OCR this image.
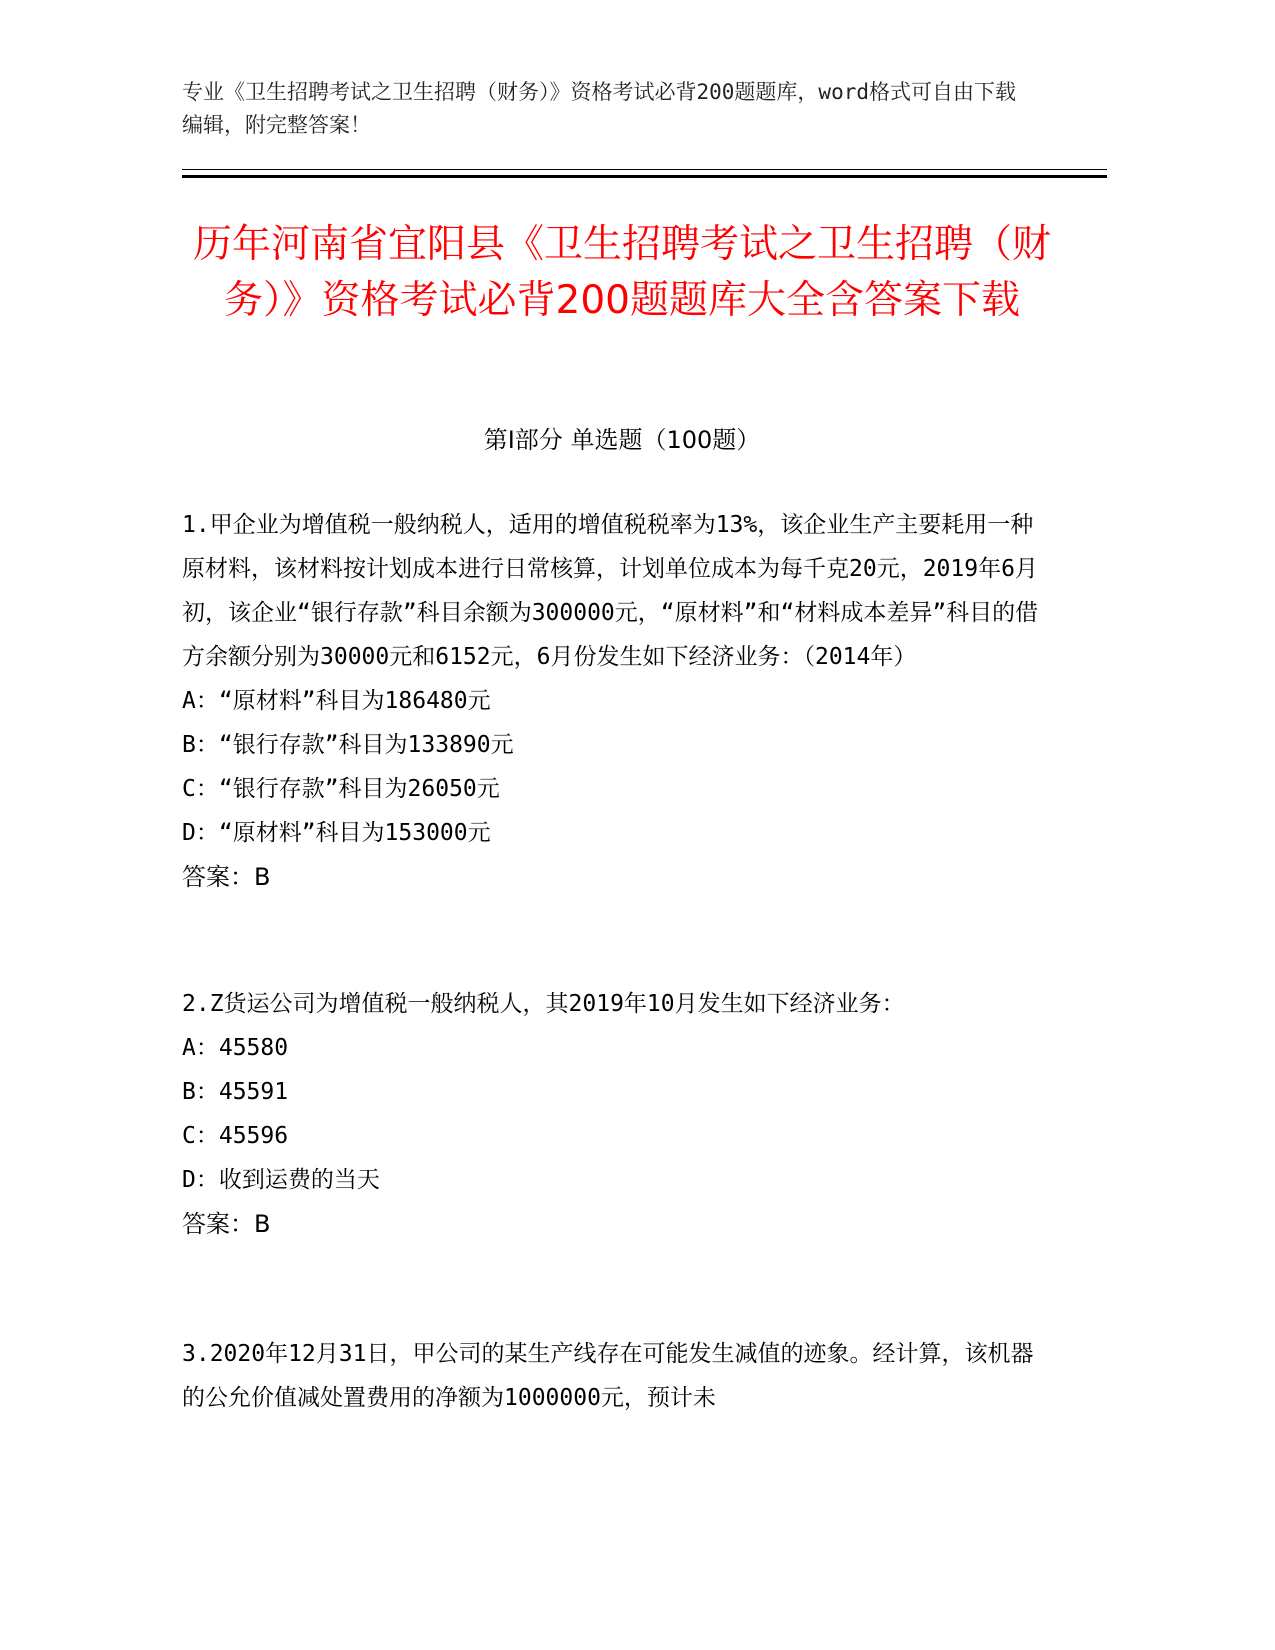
专业《卫生招聘考试之卫生招聘（财务）》资格考试必背200题题库，word格式可自由下载编辑，附完整答案！
历年河南省宜阳县《卫生招聘考试之卫生招聘（财务）》资格考试必背200题题库大全含答案下载
第I部分 单选题（100题）

1.甲企业为增值税一般纳税人，适用的增值税税率为13%，该企业生产主要耗用一种原材料，该材料按计划成本进行日常核算，计划单位成本为每千克20元，2019年6月初，该企业“银行存款”科目余额为300000元，“原材料”和“材料成本差异”科目的借方余额分别为30000元和6152元，6月份发生如下经济业务：（2014年）

A：“原材料”科目为186480元

B：“银行存款”科目为133890元

C：“银行存款”科目为26050元

D：“原材料”科目为153000元

答案：B

2.Z货运公司为增值税一般纳税人，其2019年10月发生如下经济业务：

A：45580

B：45591

C：45596

D：收到运费的当天

答案：B

3.2020年12月31日，甲公司的某生产线存在可能发生减值的迹象。经计算，该机器的公允价值减处置费用的净额为1000000元，预计未
